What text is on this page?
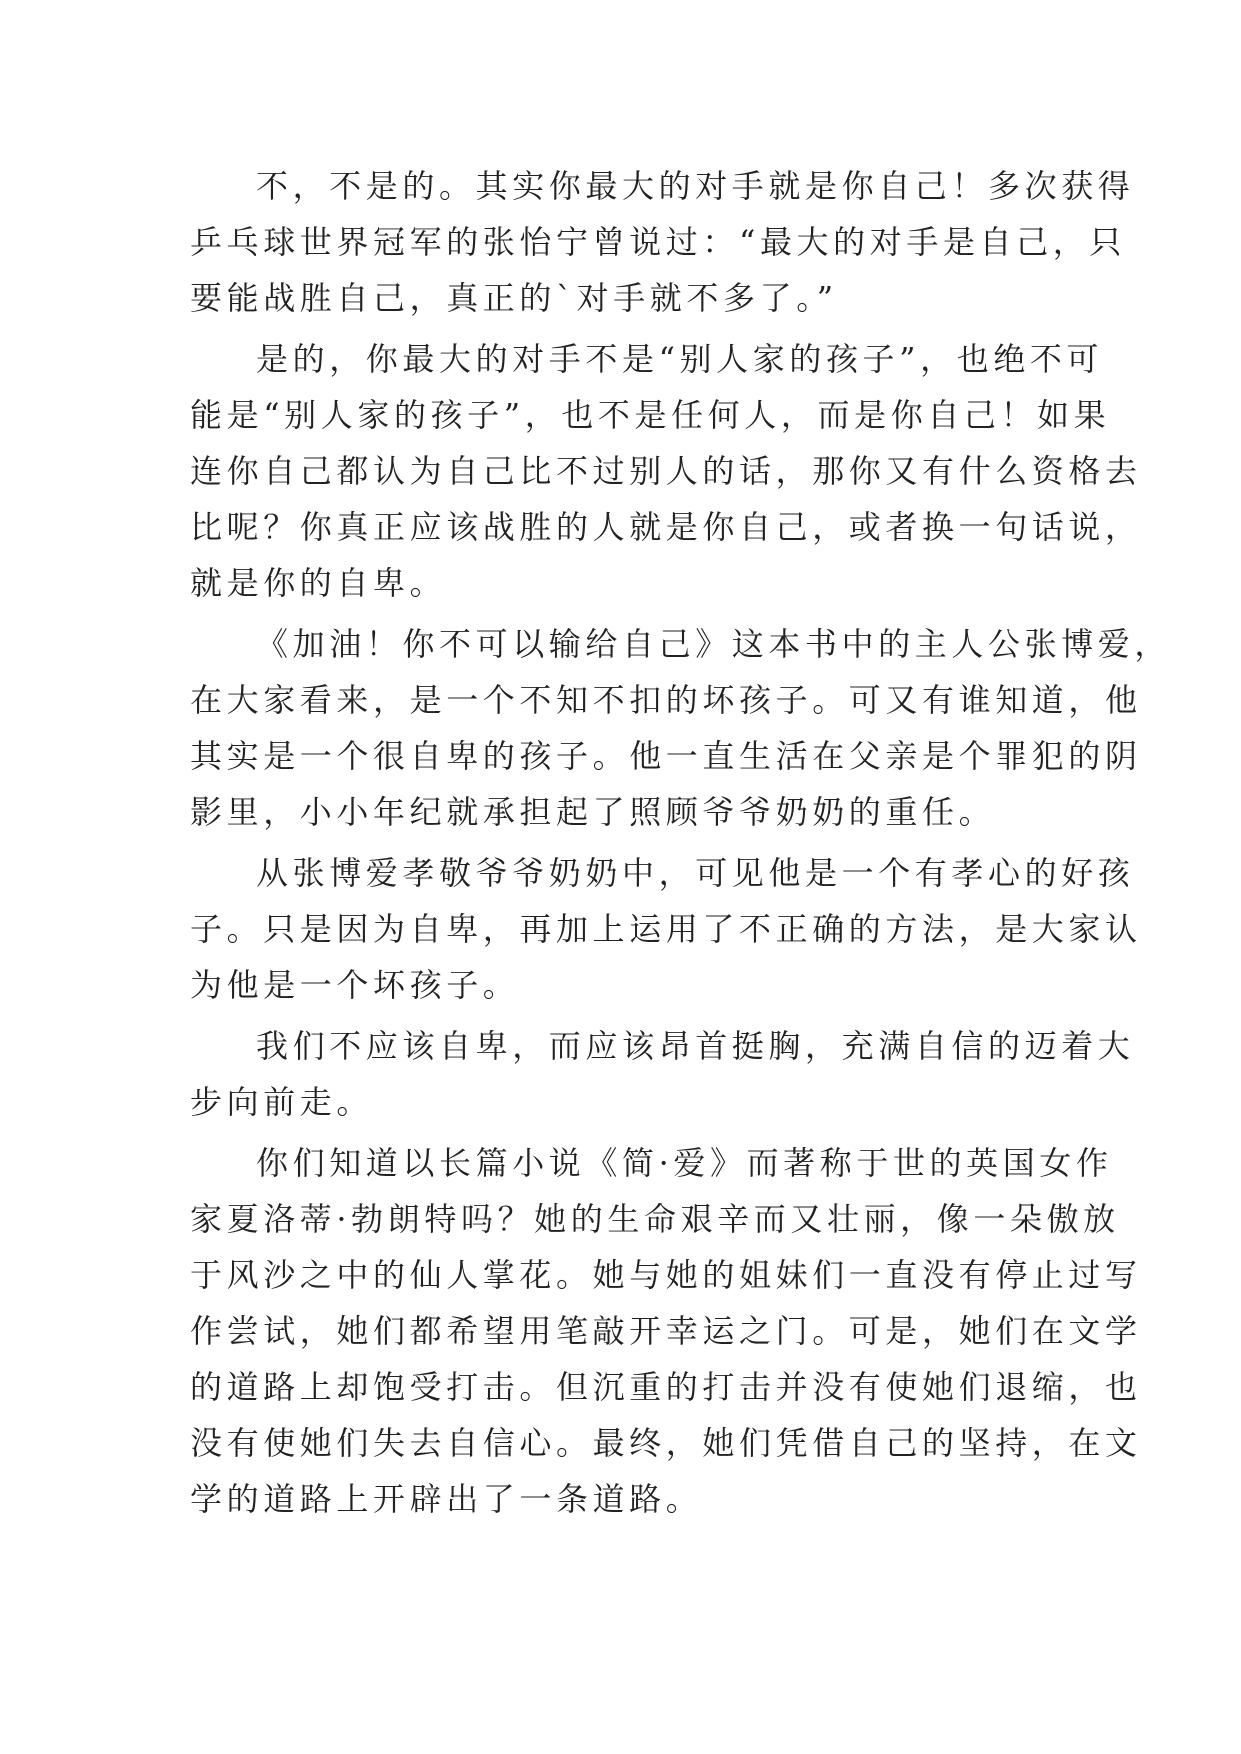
不，不是的。其实你最大的对手就是你自己！多次获得
乒乓球世界冠军的张怡宁曾说过：“最大的对手是自己，只
要能战胜自己，真正的`对手就不多了。”
是的，你最大的对手不是“别人家的孩子”，也绝不可
能是“别人家的孩子”，也不是任何人，而是你自己！如果
连你自己都认为自己比不过别人的话，那你又有什么资格去
比呢？你真正应该战胜的人就是你自己，或者换一句话说，
就是你的自卑。
《加油！你不可以输给自己》这本书中的主人公张博爱，
在大家看来，是一个不知不扣的坏孩子。可又有谁知道，他
其实是一个很自卑的孩子。他一直生活在父亲是个罪犯的阴
影里，小小年纪就承担起了照顾爷爷奶奶的重任。
从张博爱孝敬爷爷奶奶中，可见他是一个有孝心的好孩
子。只是因为自卑，再加上运用了不正确的方法，是大家认
为他是一个坏孩子。
我们不应该自卑，而应该昂首挺胸，充满自信的迈着大
步向前走。
你们知道以长篇小说《简·爱》而著称于世的英国女作
家夏洛蒂·勃朗特吗？她的生命艰辛而又壮丽，像一朵傲放
于风沙之中的仙人掌花。她与她的姐妹们一直没有停止过写
作尝试，她们都希望用笔敲开幸运之门。可是，她们在文学
的道路上却饱受打击。但沉重的打击并没有使她们退缩，也
没有使她们失去自信心。最终，她们凭借自己的坚持，在文
学的道路上开辟出了一条道路。
